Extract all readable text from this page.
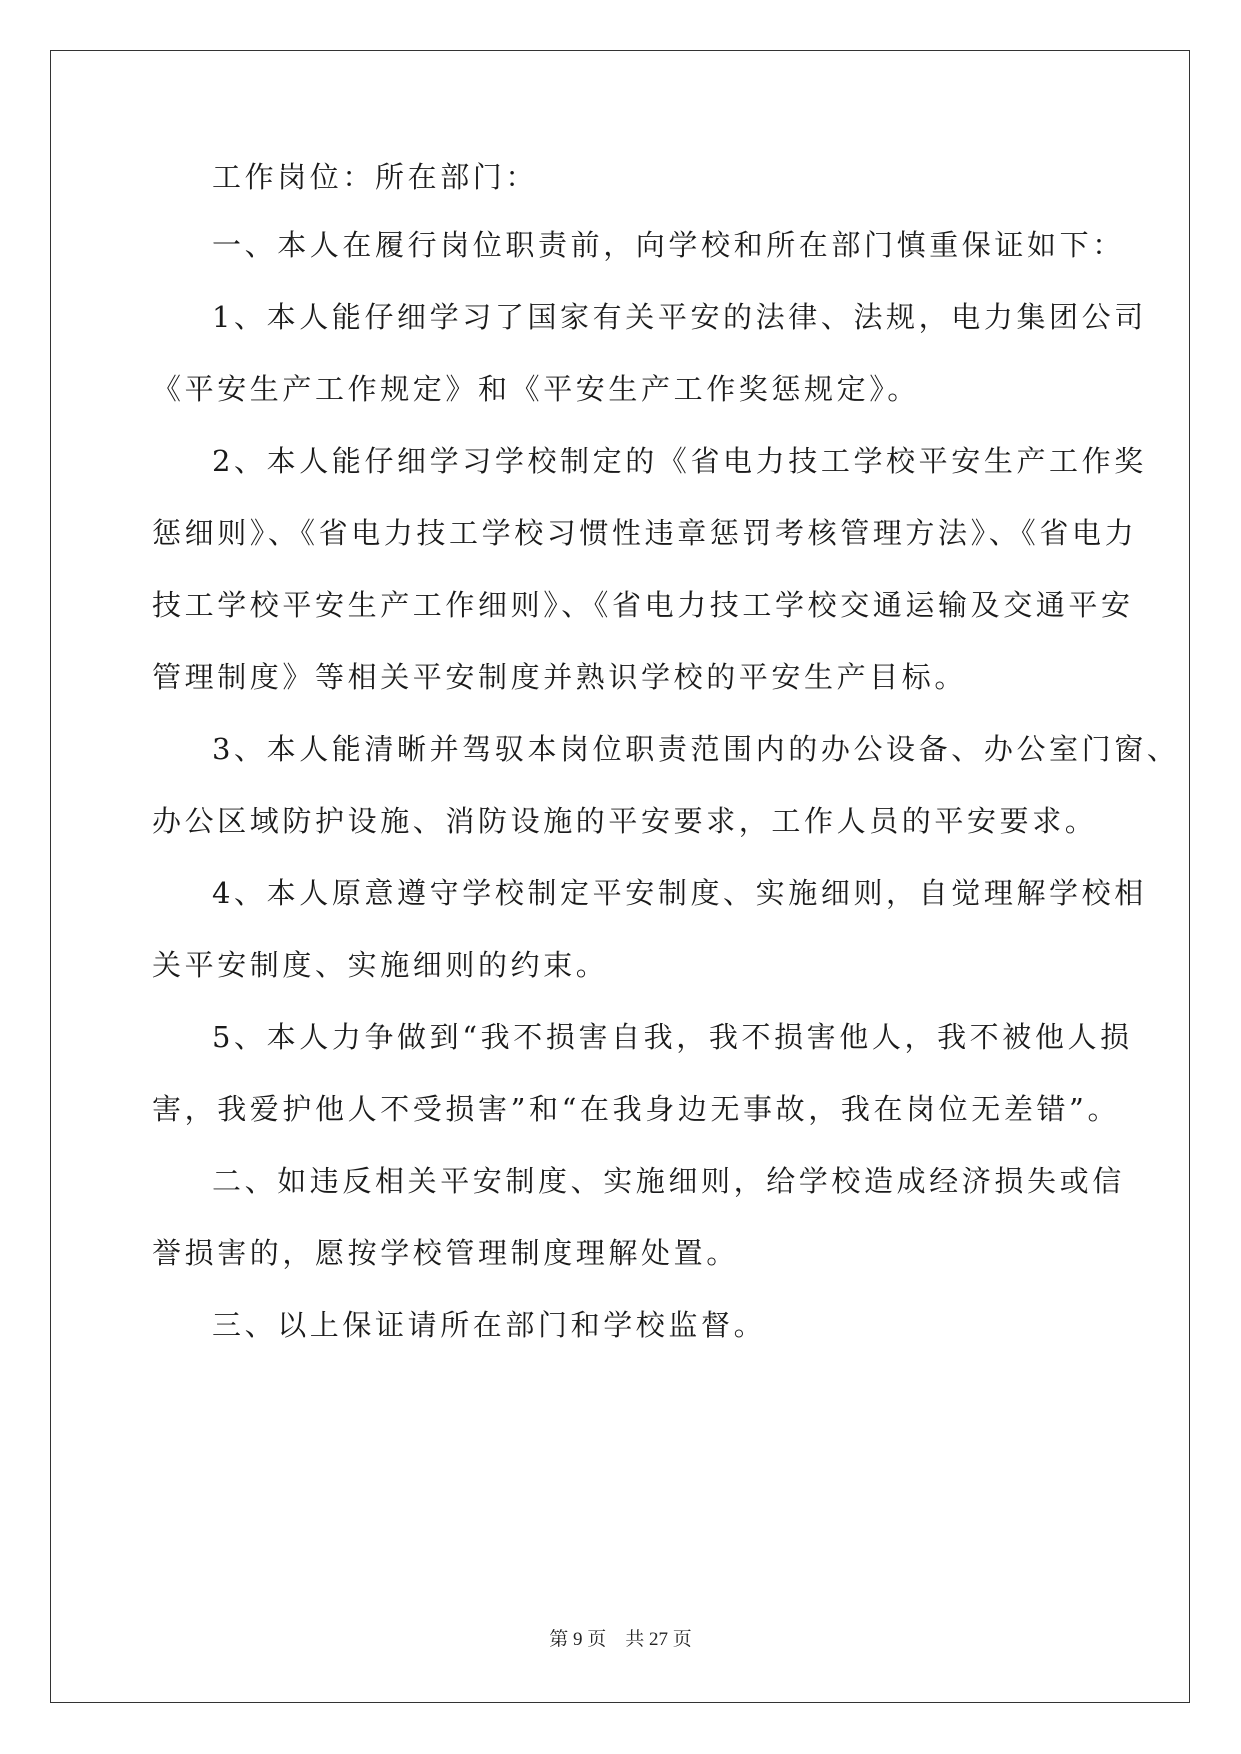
工作岗位：所在部门：
一、本人在履行岗位职责前，向学校和所在部门慎重保证如下：
1、本人能仔细学习了国家有关平安的法律、法规，电力集团公司
《平安生产工作规定》和《平安生产工作奖惩规定》。
2、本人能仔细学习学校制定的《省电力技工学校平安生产工作奖
惩细则》、《省电力技工学校习惯性违章惩罚考核管理方法》、《省电力
技工学校平安生产工作细则》、《省电力技工学校交通运输及交通平安
管理制度》等相关平安制度并熟识学校的平安生产目标。
3、本人能清晰并驾驭本岗位职责范围内的办公设备、办公室门窗、
办公区域防护设施、消防设施的平安要求，工作人员的平安要求。
4、本人原意遵守学校制定平安制度、实施细则，自觉理解学校相
关平安制度、实施细则的约束。
5、本人力争做到“我不损害自我，我不损害他人，我不被他人损
害，我爱护他人不受损害”和“在我身边无事故，我在岗位无差错”。
二、如违反相关平安制度、实施细则，给学校造成经济损失或信
誉损害的，愿按学校管理制度理解处置。
三、以上保证请所在部门和学校监督。
第 9 页    共 27 页
